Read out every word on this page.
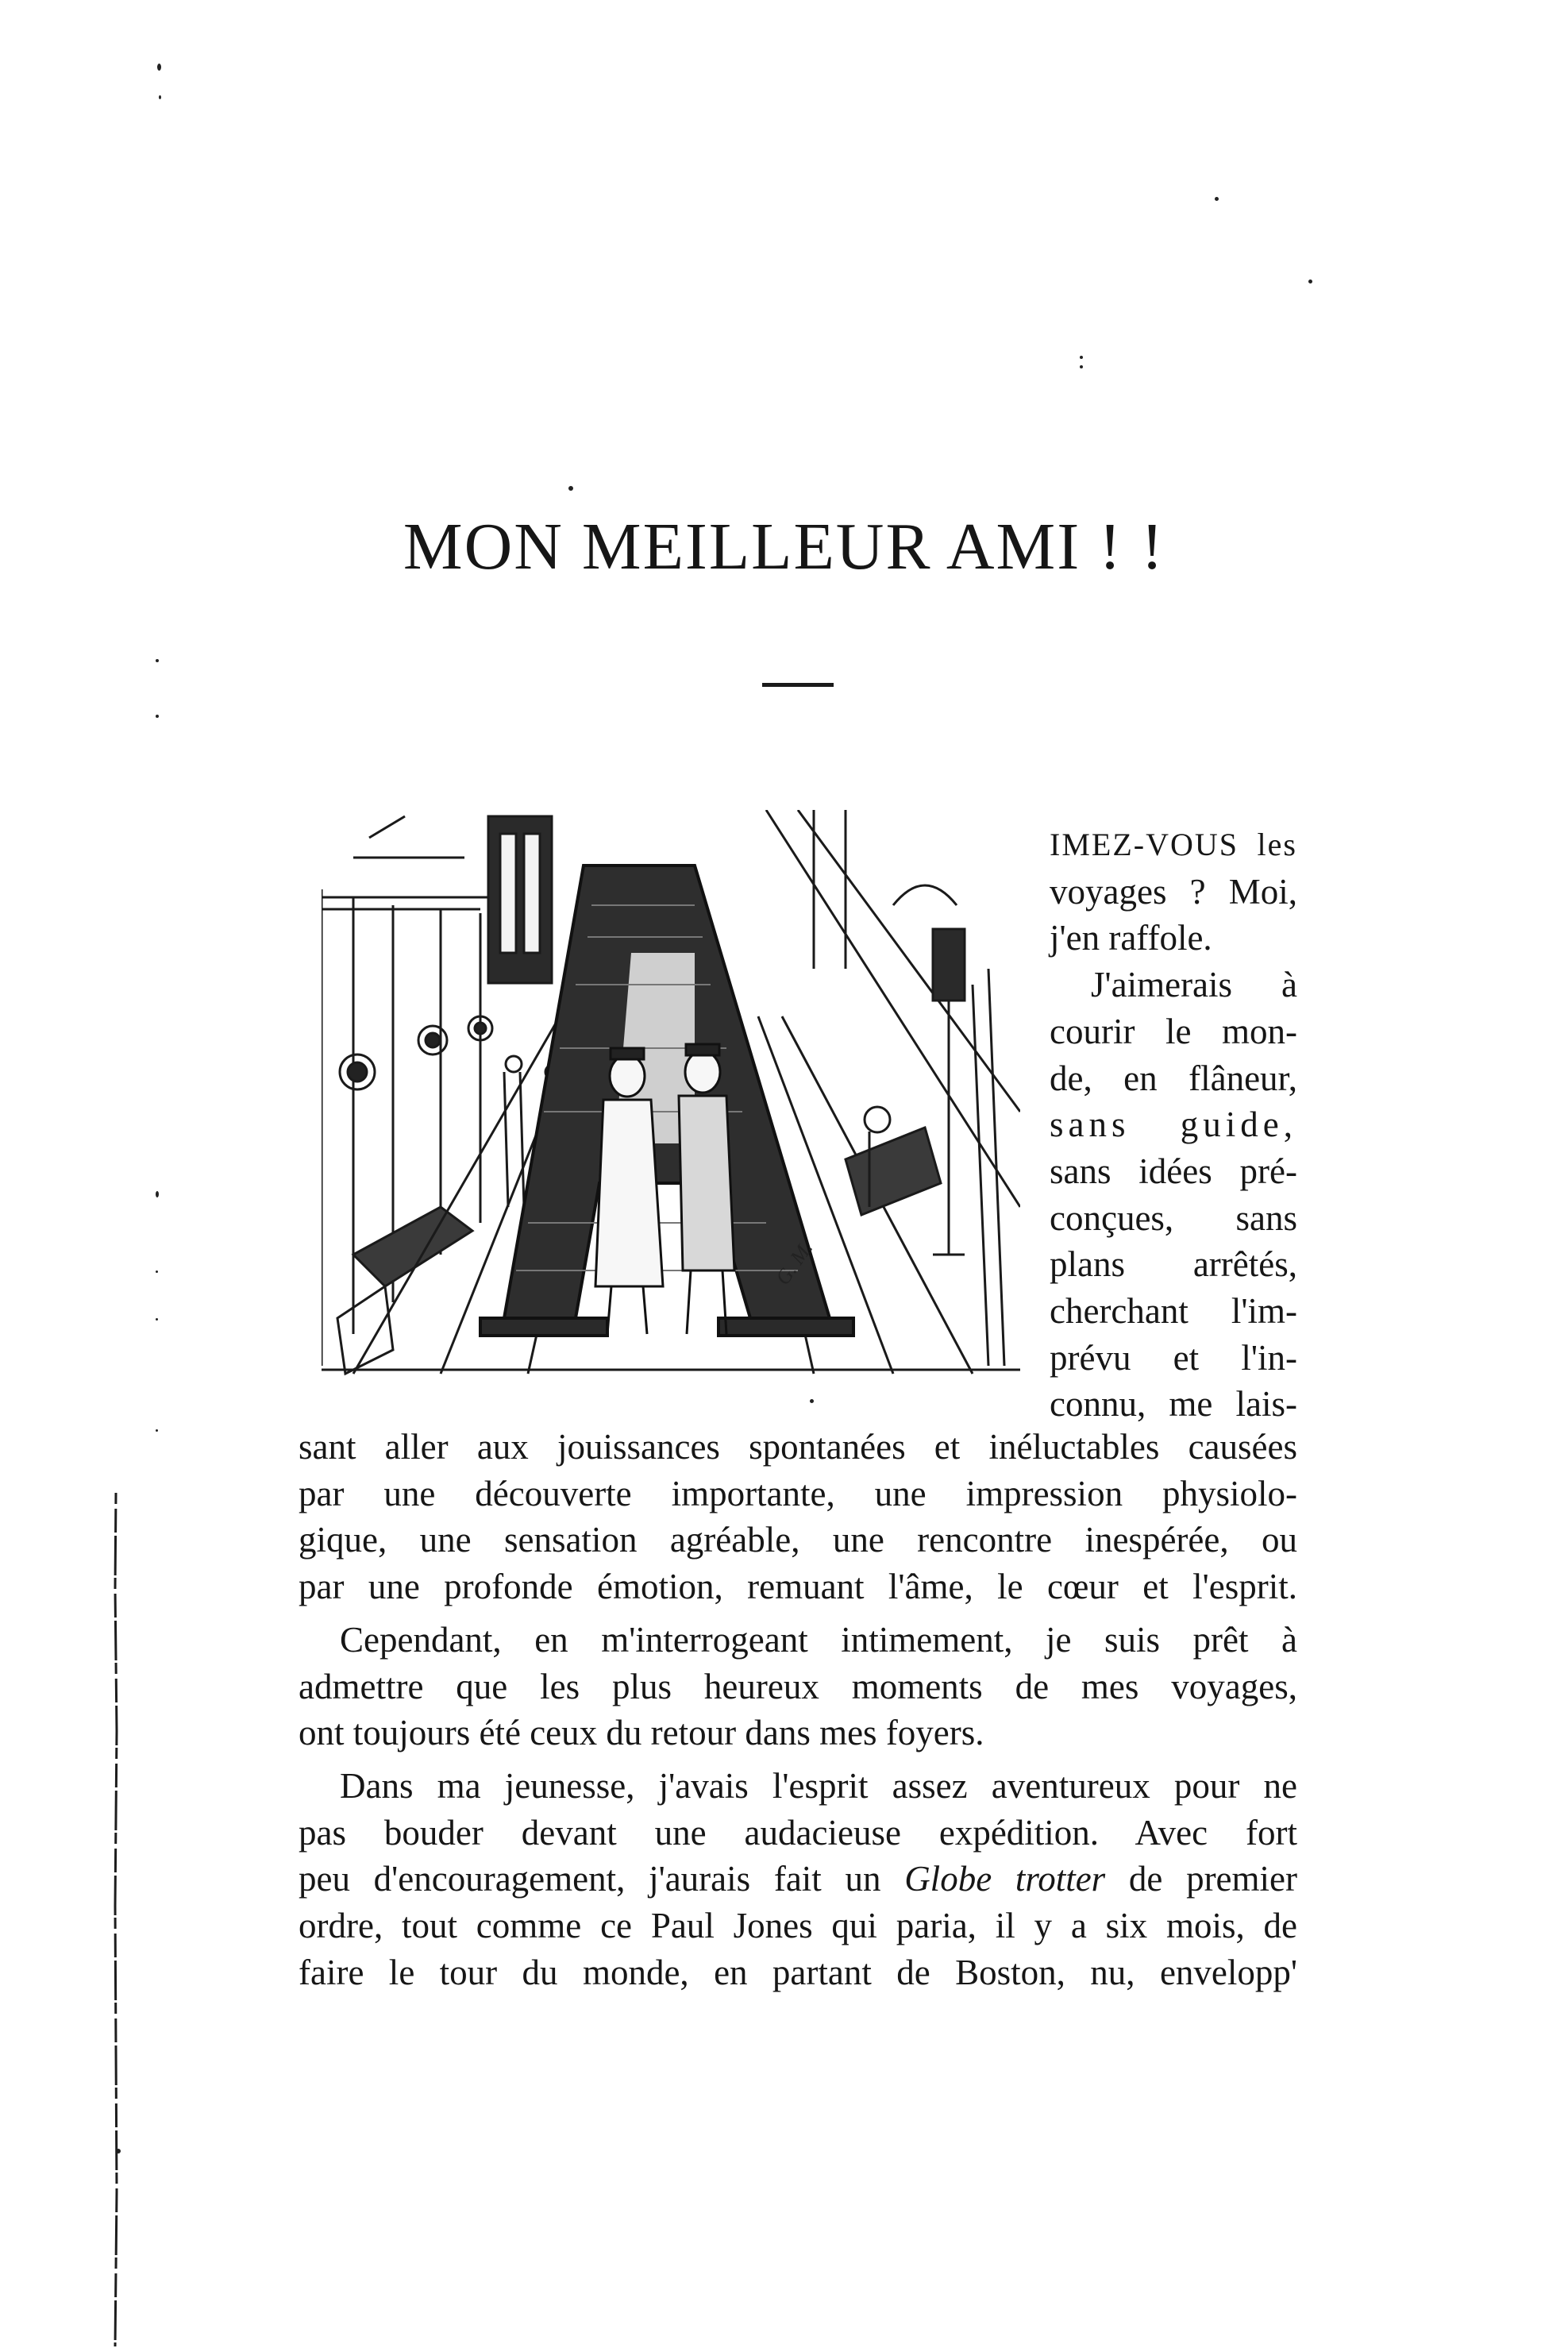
MON MEILLEUR AMI ! !
G. M.
IMEZ-VOUS les
voyages ? Moi,
j'en raffole.
J'aimerais à
courir le mon-
de, en flâneur,
sans guide,
sans idées pré-
conçues, sans
plans arrêtés,
cherchant l'im-
prévu et l'in-
connu, me lais-
sant aller aux jouissances spontanées et inéluctables causées
par une découverte importante, une impression physiolo-
gique, une sensation agréable, une rencontre inespérée, ou
par une profonde émotion, remuant l'âme, le cœur et l'esprit.
Cependant, en m'interrogeant intimement, je suis prêt à
admettre que les plus heureux moments de mes voyages,
ont toujours été ceux du retour dans mes foyers.
Dans ma jeunesse, j'avais l'esprit assez aventureux pour ne
pas bouder devant une audacieuse expédition. Avec fort
peu d'encouragement, j'aurais fait un Globe trotter de premier
ordre, tout comme ce Paul Jones qui paria, il y a six mois, de
faire le tour du monde, en partant de Boston, nu, envelopp'
